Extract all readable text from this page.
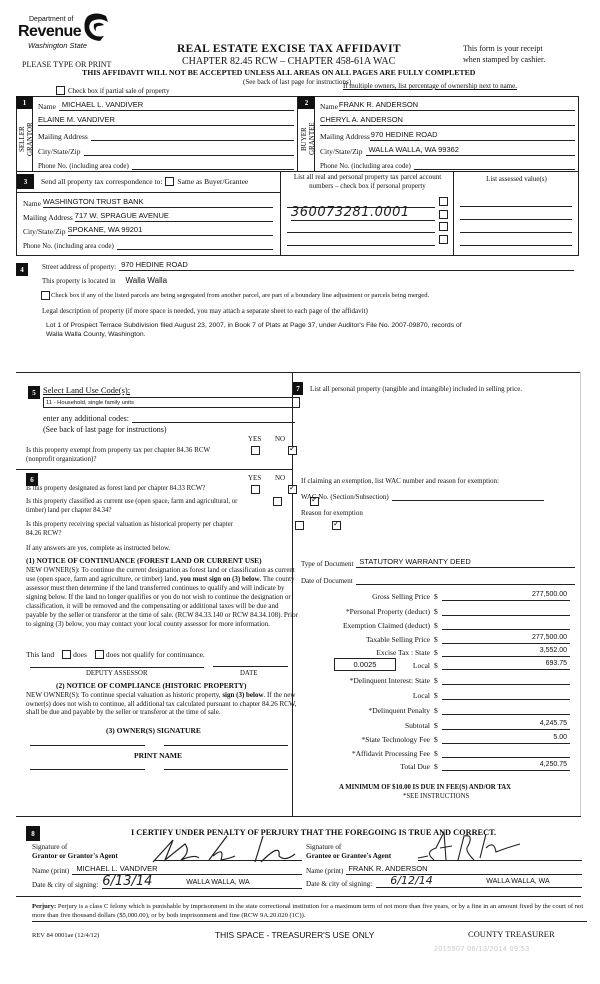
Department of
Revenue
Washington State
PLEASE TYPE OR PRINT
REAL ESTATE EXCISE TAX AFFIDAVIT
CHAPTER 82.45 RCW – CHAPTER 458-61A WAC
THIS AFFIDAVIT WILL NOT BE ACCEPTED UNLESS ALL AREAS ON ALL PAGES ARE FULLY COMPLETED
(See back of last page for instructions)
This form is your receipt
when stamped by cashier.
Check box if partial sale of property
If multiple owners, list percentage of ownership next to name.
1
SELLER
GRANTOR
Name MICHAEL L. VANDIVER
ELAINE M. VANDIVER
Mailing Address
City/State/Zip
Phone No. (including area code)
2
BUYER
GRANTEE
Name FRANK R. ANDERSON
CHERYL A. ANDERSON
Mailing Address 970 HEDINE ROAD
City/State/Zip WALLA WALLA, WA 99362
Phone No. (including area code)
3	Send all property tax correspondence to: Same as Buyer/Grantee
Name WASHINGTON TRUST BANK
Mailing Address 717 W. SPRAGUE AVENUE
City/State/Zip SPOKANE, WA 99201
Phone No. (including area code)
List all real and personal property tax parcel account numbers – check box if personal property
360073281.0001
List assessed value(s)
4	Street address of property: 970 HEDINE ROAD
This property is located in Walla Walla
Check box if any of the listed parcels are being segregated from another parcel, are part of a boundary line adjustment or parcels being merged.
Legal description of property (if more space is needed, you may attach a separate sheet to each page of the affidavit)
Lot 1 of Prospect Terrace Subdivision filed August 23, 2007, in Book 7 of Plats at Page 37, under Auditor's File No. 2007-09870, records of Walla Walla County, Washington.
5 Select Land Use Code(s):
11 - Household, single family units
enter any additional codes:
(See back of last page for instructions)
YES NO
Is this property exempt from property tax per chapter 84.36 RCW (nonprofit organization)?
✓
6	YES NO
Is this property designated as forest land per chapter 84.33 RCW?
✓
Is this property classified as current use (open space, farm and agricultural, or timber) land per chapter 84.34?
✓
Is this property receiving special valuation as historical property per chapter 84.26 RCW?
✓
If any answers are yes, complete as instructed below.
(1) NOTICE OF CONTINUANCE (FOREST LAND OR CURRENT USE)
NEW OWNER(S): To continue the current designation as forest land or classification as current use (open space, farm and agriculture, or timber) land, you must sign on (3) below. The county assessor must then determine if the land transferred continues to qualify and will indicate by signing below. If the land no longer qualifies or you do not wish to continue the designation or classification, it will be removed and the compensating or additional taxes will be due and payable by the seller or transferor at the time of sale. (RCW 84.33.140 or RCW 84.34.108). Prior to signing (3) below, you may contact your local county assessor for more information.
This land	does	does not qualify for continuance.
DEPUTY ASSESSOR	DATE
(2) NOTICE OF COMPLIANCE (HISTORIC PROPERTY)
NEW OWNER(S): To continue special valuation as historic property, sign (3) below. If the new owner(s) does not wish to continue, all additional tax calculated pursuant to chapter 84.26 RCW, shall be due and payable by the seller or transferor at the time of sale.
(3) OWNER(S) SIGNATURE
PRINT NAME
7	List all personal property (tangible and intangible) included in selling price.
If claiming an exemption, list WAC number and reason for exemption:
WAC No. (Section/Subsection)
Reason for exemption
Type of Document STATUTORY WARRANTY DEED
Date of Document
Gross Selling Price $	277,500.00
*Personal Property (deduct) $
Exemption Claimed (deduct) $
Taxable Selling Price $	277,500.00
Excise Tax : State $	3,552.00
0.0025	Local $	693.75
*Delinquent Interest: State $
Local $
*Delinquent Penalty $
Subtotal $	4,245.75
*State Technology Fee $	5.00
*Affidavit Processing Fee $
Total Due $	4,250.75
A MINIMUM OF $10.00 IS DUE IN FEE(S) AND/OR TAX
*SEE INSTRUCTIONS
8	I CERTIFY UNDER PENALTY OF PERJURY THAT THE FOREGOING IS TRUE AND CORRECT.
Signature of
Grantor or Grantor's Agent
Name (print) MICHAEL L. VANDIVER
Date & city of signing: 6/13/14	WALLA WALLA, WA
Signature of
Grantee or Grantee's Agent
Name (print) FRANK R. ANDERSON
Date & city of signing:	6/12/14	WALLA WALLA, WA
Perjury: Perjury is a class C felony which is punishable by imprisonment in the state correctional institution for a maximum term of not more than five years, or by a fine in an amount fixed by the court of not more than five thousand dollars ($5,000.00), or by both imprisonment and fine (RCW 9A.20.020 (1C)).
REV 84 0001ae (12/4/12)	THIS SPACE - TREASURER'S USE ONLY	COUNTY TREASURER
2015507 06/13/2014 09:53
